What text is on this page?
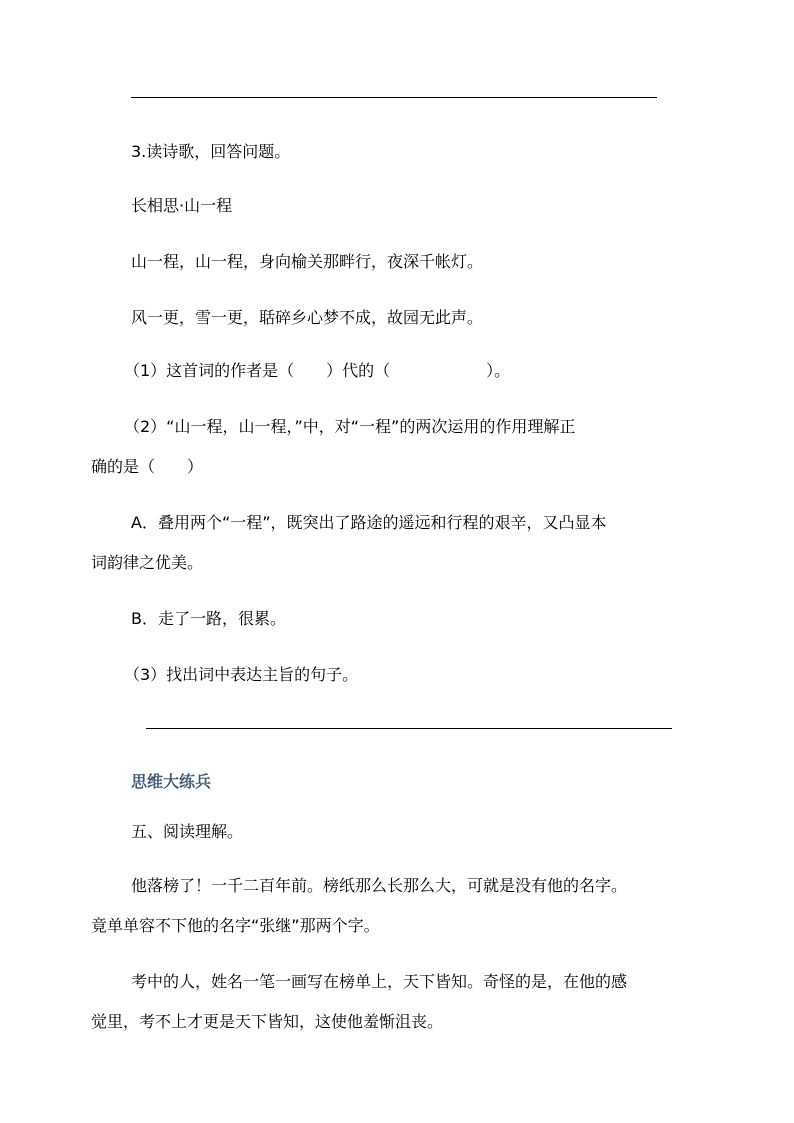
3.读诗歌，回答问题。
长相思·山一程
山一程，山一程，身向榆关那畔行，夜深千帐灯。
风一更，雪一更，聒碎乡心梦不成，故园无此声。
（1）这首词的作者是（　　）代的（　　　　　　）。
（2）“山一程，山一程，”中，对“一程”的两次运用的作用理解正
确的是（　　）
A．叠用两个“一程”，既突出了路途的遥远和行程的艰辛，又凸显本
词韵律之优美。
B．走了一路，很累。
（3）找出词中表达主旨的句子。
思维大练兵
五、阅读理解。
他落榜了！一千二百年前。榜纸那么长那么大，可就是没有他的名字。
竟单单容不下他的名字“张继”那两个字。
考中的人，姓名一笔一画写在榜单上，天下皆知。奇怪的是，在他的感
觉里，考不上才更是天下皆知，这使他羞惭沮丧。
